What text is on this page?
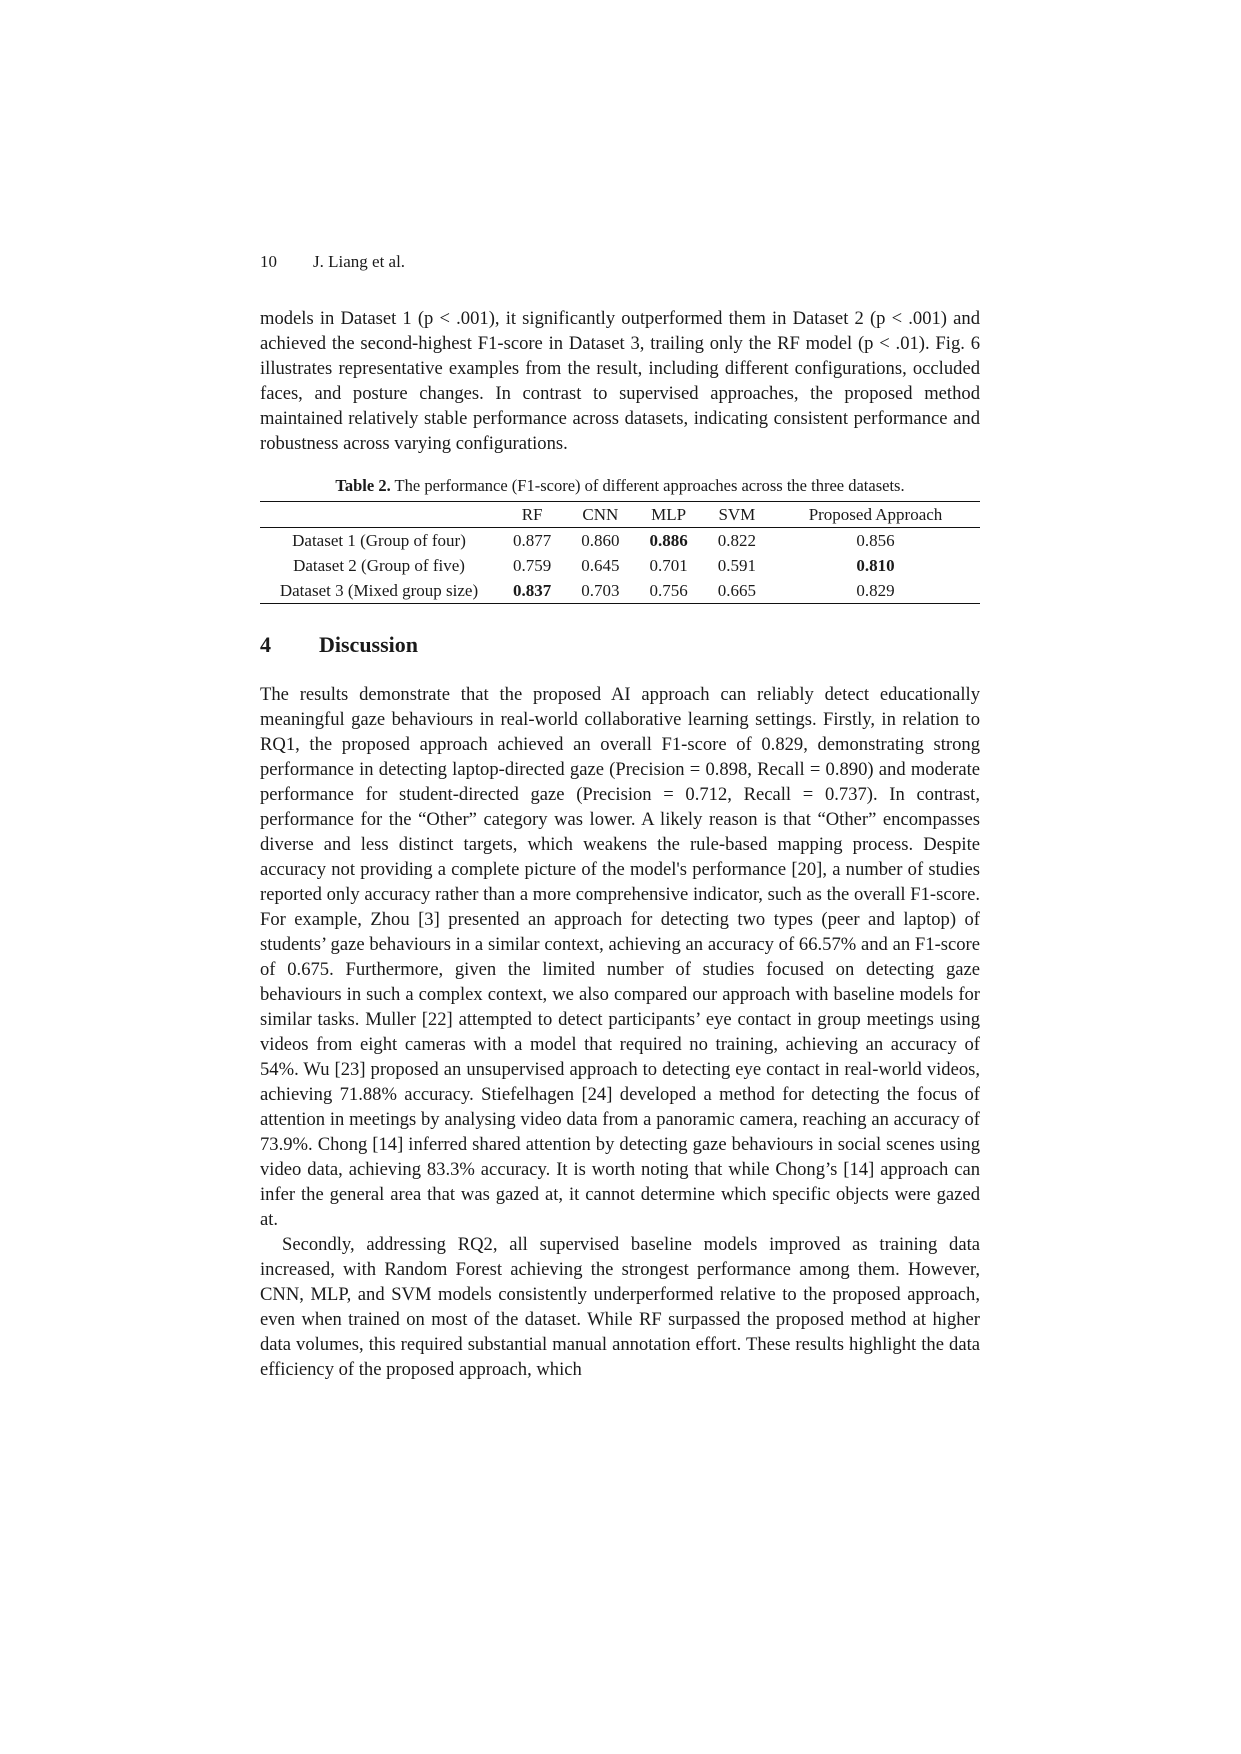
10 J. Liang et al.

models in Dataset 1 (p < .001), it significantly outperformed them in Dataset 2 (p < .001) and achieved the second-highest F1-score in Dataset 3, trailing only the RF model (p < .01). Fig. 6 illustrates representative examples from the result, including different configurations, occluded faces, and posture changes. In contrast to supervised approaches, the proposed method maintained relatively stable performance across datasets, indicating consistent performance and robustness across varying configurations.

Table 2. The performance (F1-score) of different approaches across the three datasets.
	RF	CNN	MLP	SVM	Proposed Approach
Dataset 1 (Group of four)	0.877	0.860	0.886	0.822	0.856
Dataset 2 (Group of five)	0.759	0.645	0.701	0.591	0.810
Dataset 3 (Mixed group size)	0.837	0.703	0.756	0.665	0.829
4	Discussion

The results demonstrate that the proposed AI approach can reliably detect educationally meaningful gaze behaviours in real-world collaborative learning settings. Firstly, in relation to RQ1, the proposed approach achieved an overall F1-score of 0.829, demonstrating strong performance in detecting laptop-directed gaze (Precision = 0.898, Recall = 0.890) and moderate performance for student-directed gaze (Precision = 0.712, Recall = 0.737). In contrast, performance for the “Other” category was lower. A likely reason is that “Other” encompasses diverse and less distinct targets, which weakens the rule-based mapping process. Despite accuracy not providing a complete picture of the model's performance [20], a number of studies reported only accuracy rather than a more comprehensive indicator, such as the overall F1-score. For example, Zhou [3] presented an approach for detecting two types (peer and laptop) of students’ gaze behaviours in a similar context, achieving an accuracy of 66.57% and an F1-score of 0.675. Furthermore, given the limited number of studies focused on detecting gaze behaviours in such a complex context, we also compared our approach with baseline models for similar tasks. Muller [22] attempted to detect participants’ eye contact in group meetings using videos from eight cameras with a model that required no training, achieving an accuracy of 54%. Wu [23] proposed an unsupervised approach to detecting eye contact in real-world videos, achieving 71.88% accuracy. Stiefelhagen [24] developed a method for detecting the focus of attention in meetings by analysing video data from a panoramic camera, reaching an accuracy of 73.9%. Chong [14] inferred shared attention by detecting gaze behaviours in social scenes using video data, achieving 83.3% accuracy. It is worth noting that while Chong’s [14] approach can infer the general area that was gazed at, it cannot determine which specific objects were gazed at.

Secondly, addressing RQ2, all supervised baseline models improved as training data increased, with Random Forest achieving the strongest performance among them. However, CNN, MLP, and SVM models consistently underperformed relative to the proposed approach, even when trained on most of the dataset. While RF surpassed the proposed method at higher data volumes, this required substantial manual annotation effort. These results highlight the data efficiency of the proposed approach, which
